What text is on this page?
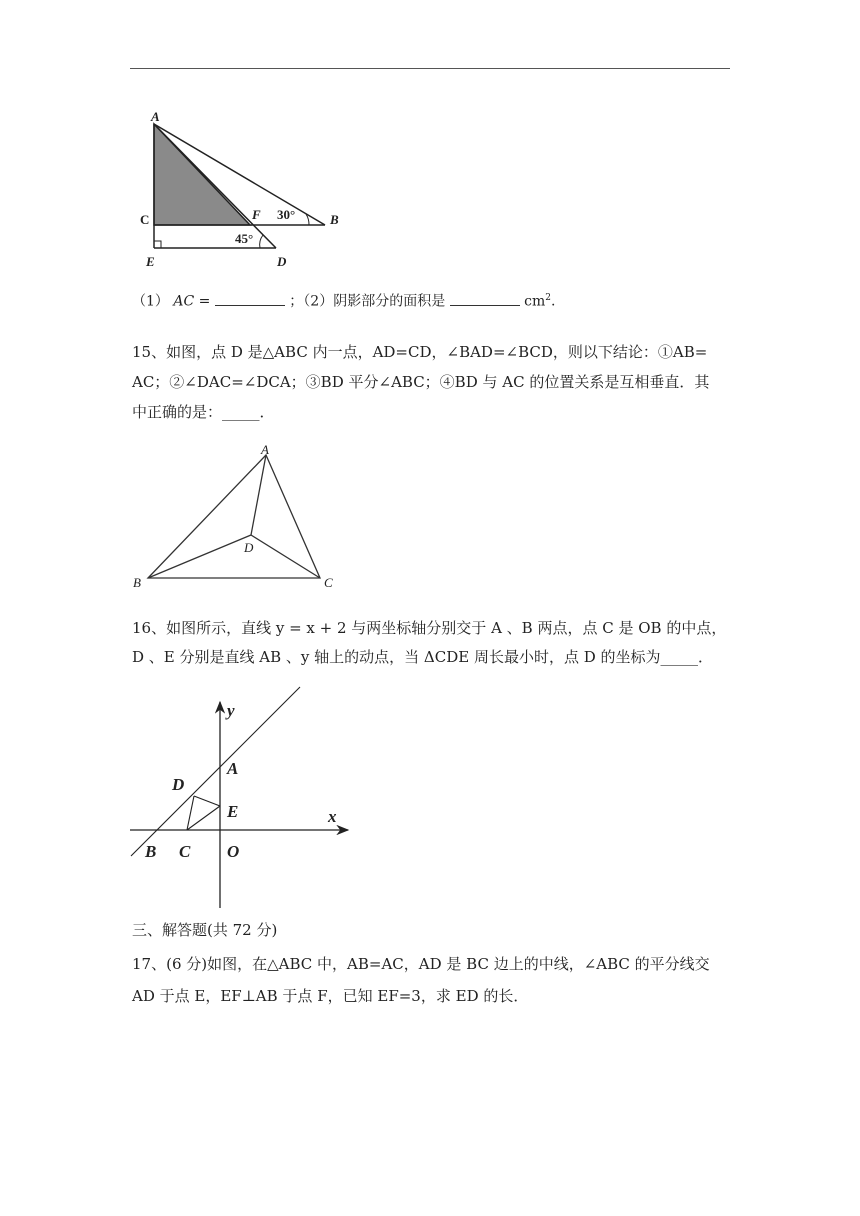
A
C	F 30°	B
45°
E	D
（1） AC =	；（2）阴影部分的面积是	$cm^2$.
15、如图，点 D 是△ABC 内一点，AD=CD，∠BAD=∠BCD，则以下结论：①AB=
AC；②∠DAC=∠DCA；③BD 平分∠ABC；④BD 与 AC 的位置关系是互相垂直．其
中正确的是：_____．
A
D
B	C
16、如图所示，直线 y = x + 2 与两坐标轴分别交于 A 、B 两点，点 C 是 OB 的中点，
D 、E 分别是直线 AB 、y 轴上的动点，当 ΔCDE 周长最小时，点 D 的坐标为_____．
y
x
A
D
E
B C O
三、解答题(共 72 分)
17、(6 分)如图，在△ABC 中，AB=AC，AD 是 BC 边上的中线，∠ABC 的平分线交
AD 于点 E，EF⊥AB 于点 F，已知 EF=3，求 ED 的长．
